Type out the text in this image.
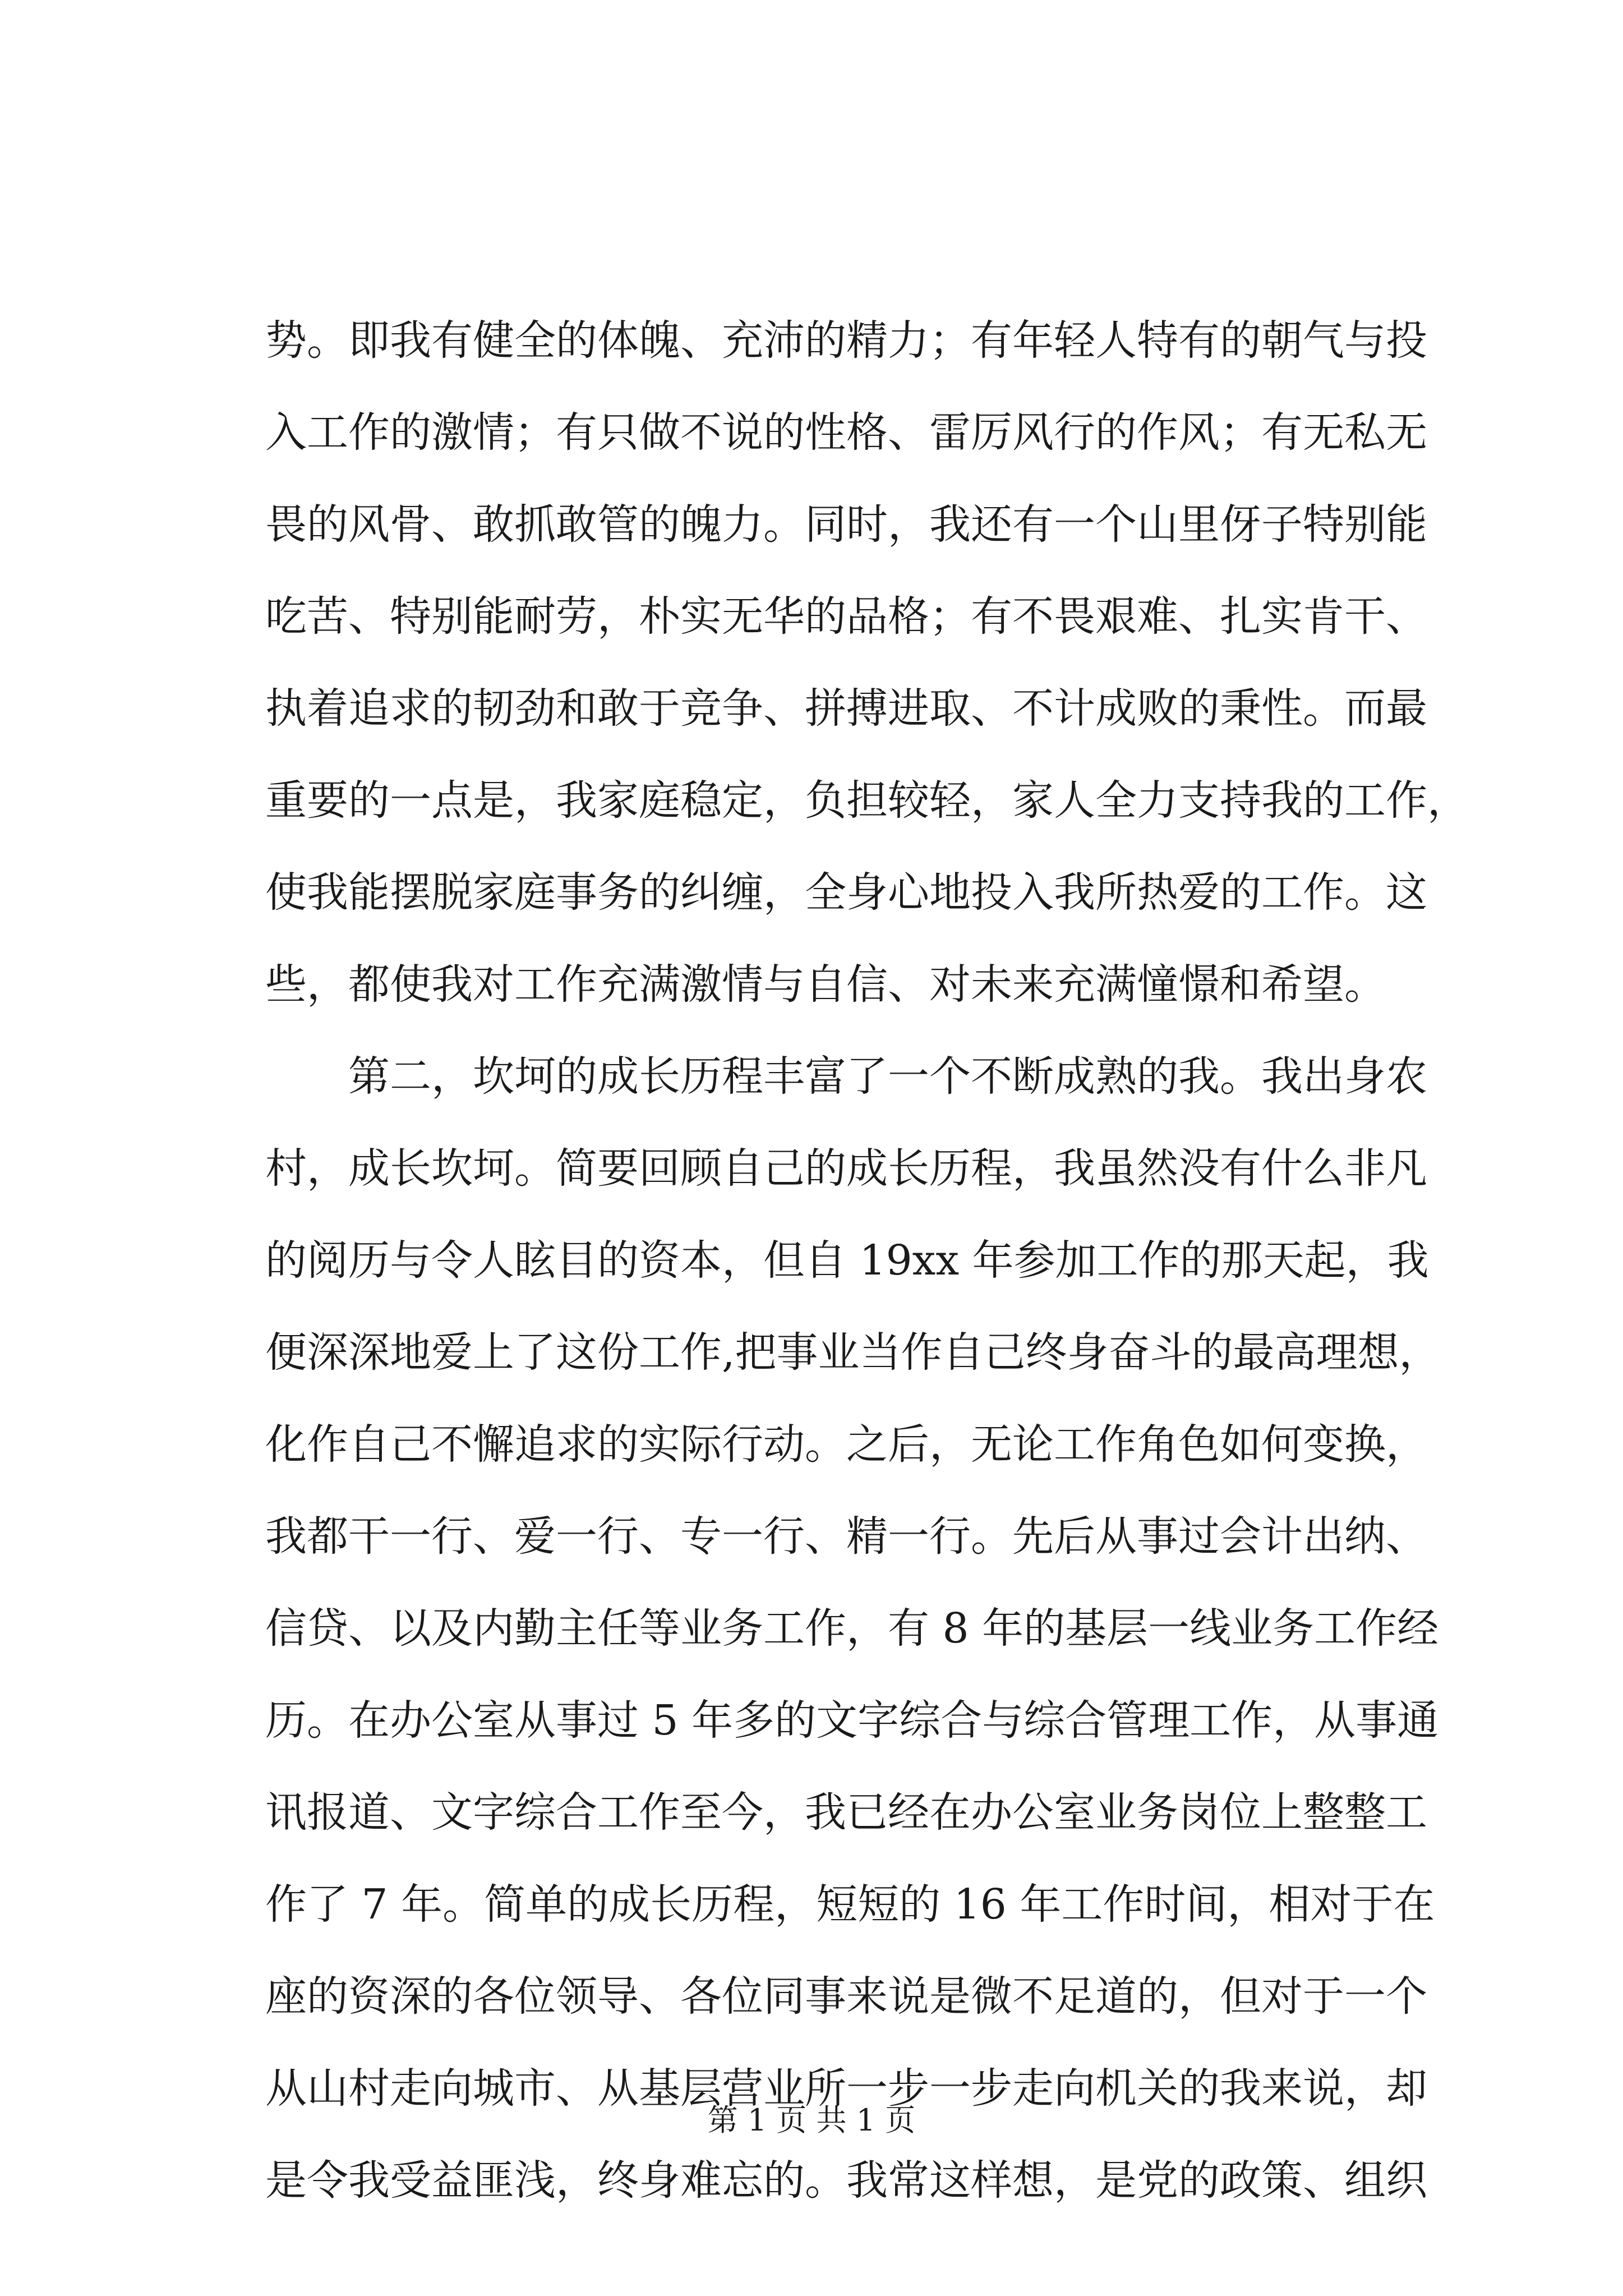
势。即我有健全的体魄、充沛的精力；有年轻人特有的朝气与投
入工作的激情；有只做不说的性格、雷厉风行的作风；有无私无
畏的风骨、敢抓敢管的魄力。同时，我还有一个山里伢子特别能
吃苦、特别能耐劳，朴实无华的品格；有不畏艰难、扎实肯干、
执着追求的韧劲和敢于竞争、拼搏进取、不计成败的秉性。而最
重要的一点是，我家庭稳定，负担较轻，家人全力支持我的工作，
使我能摆脱家庭事务的纠缠，全身心地投入我所热爱的工作。这
些，都使我对工作充满激情与自信、对未来充满憧憬和希望。
第二，坎坷的成长历程丰富了一个不断成熟的我。我出身农
村，成长坎坷。简要回顾自己的成长历程，我虽然没有什么非凡
的阅历与令人眩目的资本，但自 19xx 年参加工作的那天起，我
便深深地爱上了这份工作,把事业当作自己终身奋斗的最高理想，
化作自己不懈追求的实际行动。之后，无论工作角色如何变换，
我都干一行、爱一行、专一行、精一行。先后从事过会计出纳、
信贷、以及内勤主任等业务工作，有 8 年的基层一线业务工作经
历。在办公室从事过 5 年多的文字综合与综合管理工作，从事通
讯报道、文字综合工作至今，我已经在办公室业务岗位上整整工
作了 7 年。简单的成长历程，短短的 16 年工作时间，相对于在
座的资深的各位领导、各位同事来说是微不足道的，但对于一个
从山村走向城市、从基层营业所一步一步走向机关的我来说，却
是令我受益匪浅，终身难忘的。我常这样想，是党的政策、组织
第 1 页 共 1 页
